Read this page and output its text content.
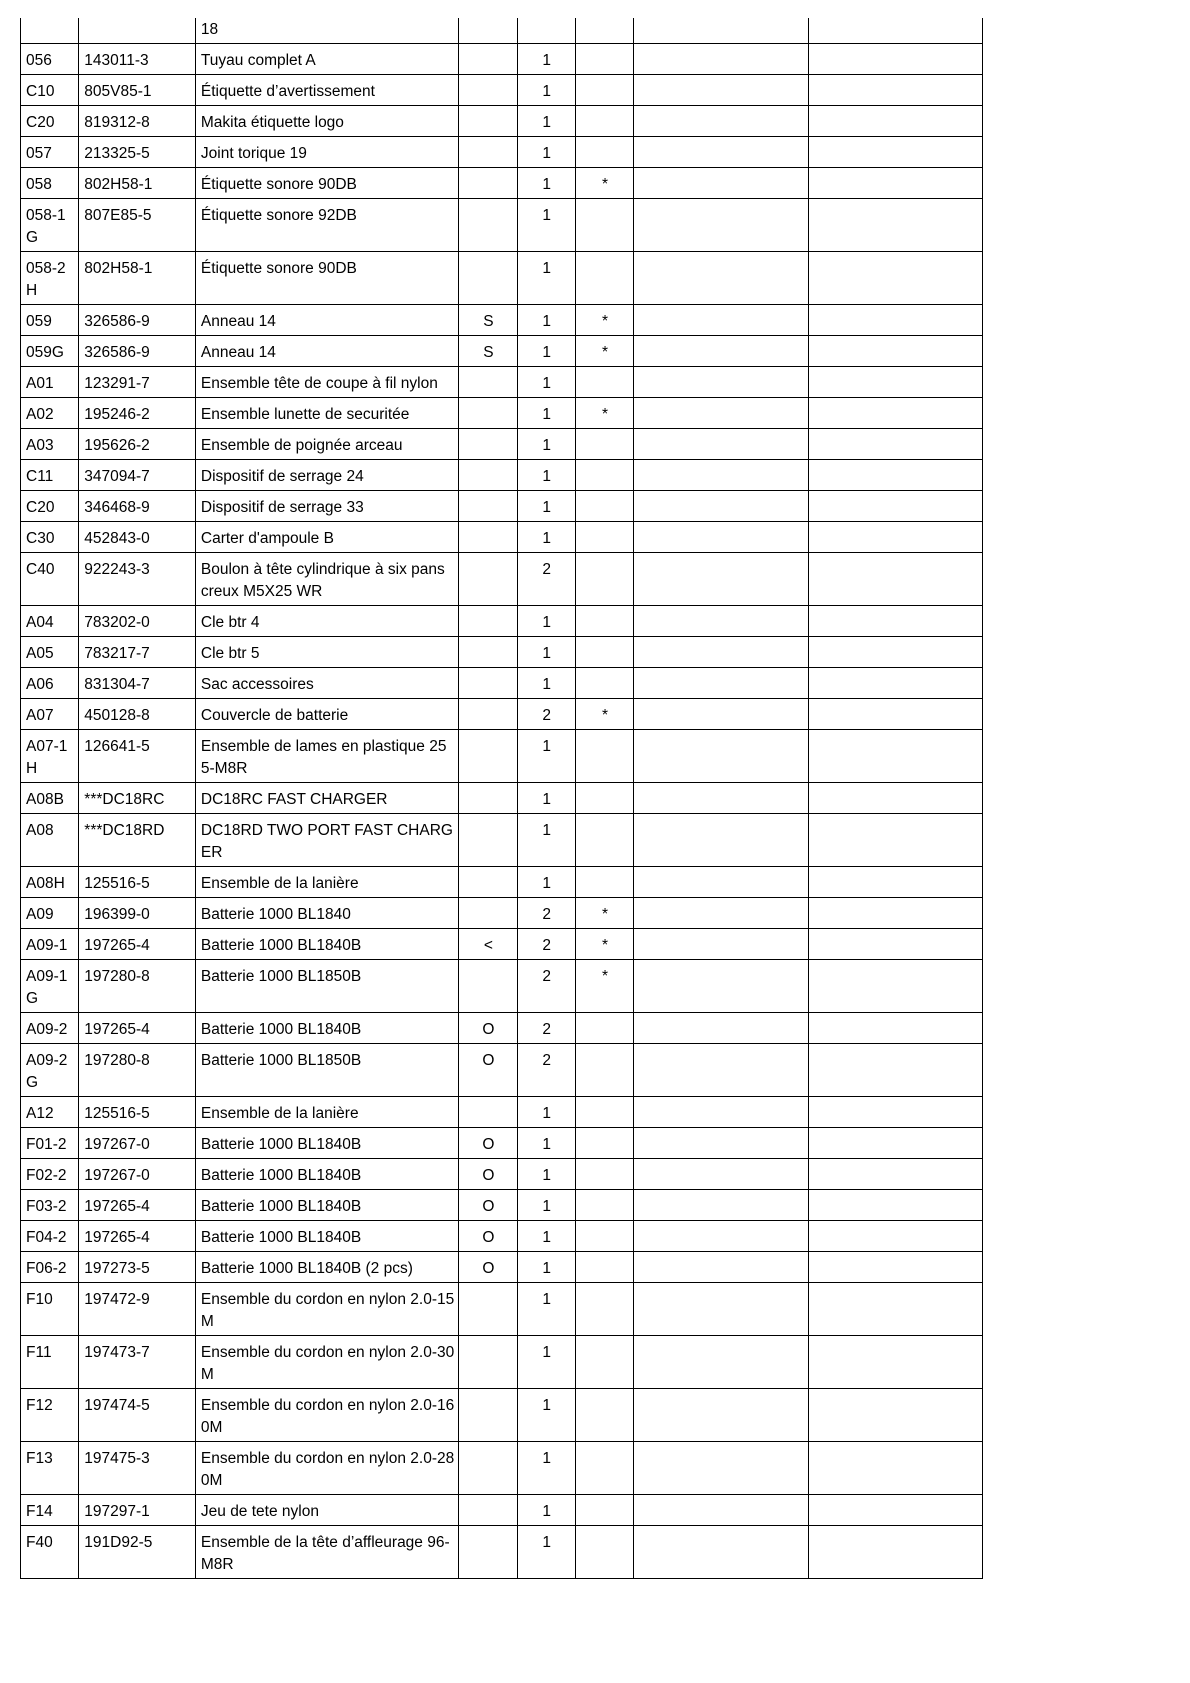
		18					
056	143011-3	Tuyau complet A		1			
C10	805V85-1	Étiquette d’avertissement		1			
C20	819312-8	Makita étiquette logo		1			
057	213325-5	Joint torique 19		1			
058	802H58-1	Étiquette sonore 90DB		1	*		
058-1G	807E85-5	Étiquette sonore 92DB		1			
058-2H	802H58-1	Étiquette sonore 90DB		1			
059	326586-9	Anneau 14	S	1	*		
059G	326586-9	Anneau 14	S	1	*		
A01	123291-7	Ensemble tête de coupe à fil nylon		1			
A02	195246-2	Ensemble lunette de securitée		1	*		
A03	195626-2	Ensemble de poignée arceau		1			
C11	347094-7	Dispositif de serrage 24		1			
C20	346468-9	Dispositif de serrage 33		1			
C30	452843-0	Carter d'ampoule B		1			
C40	922243-3	Boulon à tête cylindrique à six pans creux M5X25 WR		2			
A04	783202-0	Cle btr 4		1			
A05	783217-7	Cle btr 5		1			
A06	831304-7	Sac accessoires		1			
A07	450128-8	Couvercle de batterie		2	*		
A07-1H	126641-5	Ensemble de lames en plastique 255-M8R		1			
A08B	***DC18RC	DC18RC FAST CHARGER		1			
A08	***DC18RD	DC18RD TWO PORT FAST CHARGER		1			
A08H	125516-5	Ensemble de la lanière		1			
A09	196399-0	Batterie 1000 BL1840		2	*		
A09-1	197265-4	Batterie 1000 BL1840B	<	2	*		
A09-1G	197280-8	Batterie 1000 BL1850B		2	*		
A09-2	197265-4	Batterie 1000 BL1840B	O	2			
A09-2G	197280-8	Batterie 1000 BL1850B	O	2			
A12	125516-5	Ensemble de la lanière		1			
F01-2	197267-0	Batterie 1000 BL1840B	O	1			
F02-2	197267-0	Batterie 1000 BL1840B	O	1			
F03-2	197265-4	Batterie 1000 BL1840B	O	1			
F04-2	197265-4	Batterie 1000 BL1840B	O	1			
F06-2	197273-5	Batterie 1000 BL1840B (2 pcs)	O	1			
F10	197472-9	Ensemble du cordon en nylon 2.0-15M		1			
F11	197473-7	Ensemble du cordon en nylon 2.0-30M		1			
F12	197474-5	Ensemble du cordon en nylon 2.0-160M		1			
F13	197475-3	Ensemble du cordon en nylon 2.0-280M		1			
F14	197297-1	Jeu de tete nylon		1			
F40	191D92-5	Ensemble de la tête d’affleurage 96-M8R		1			
